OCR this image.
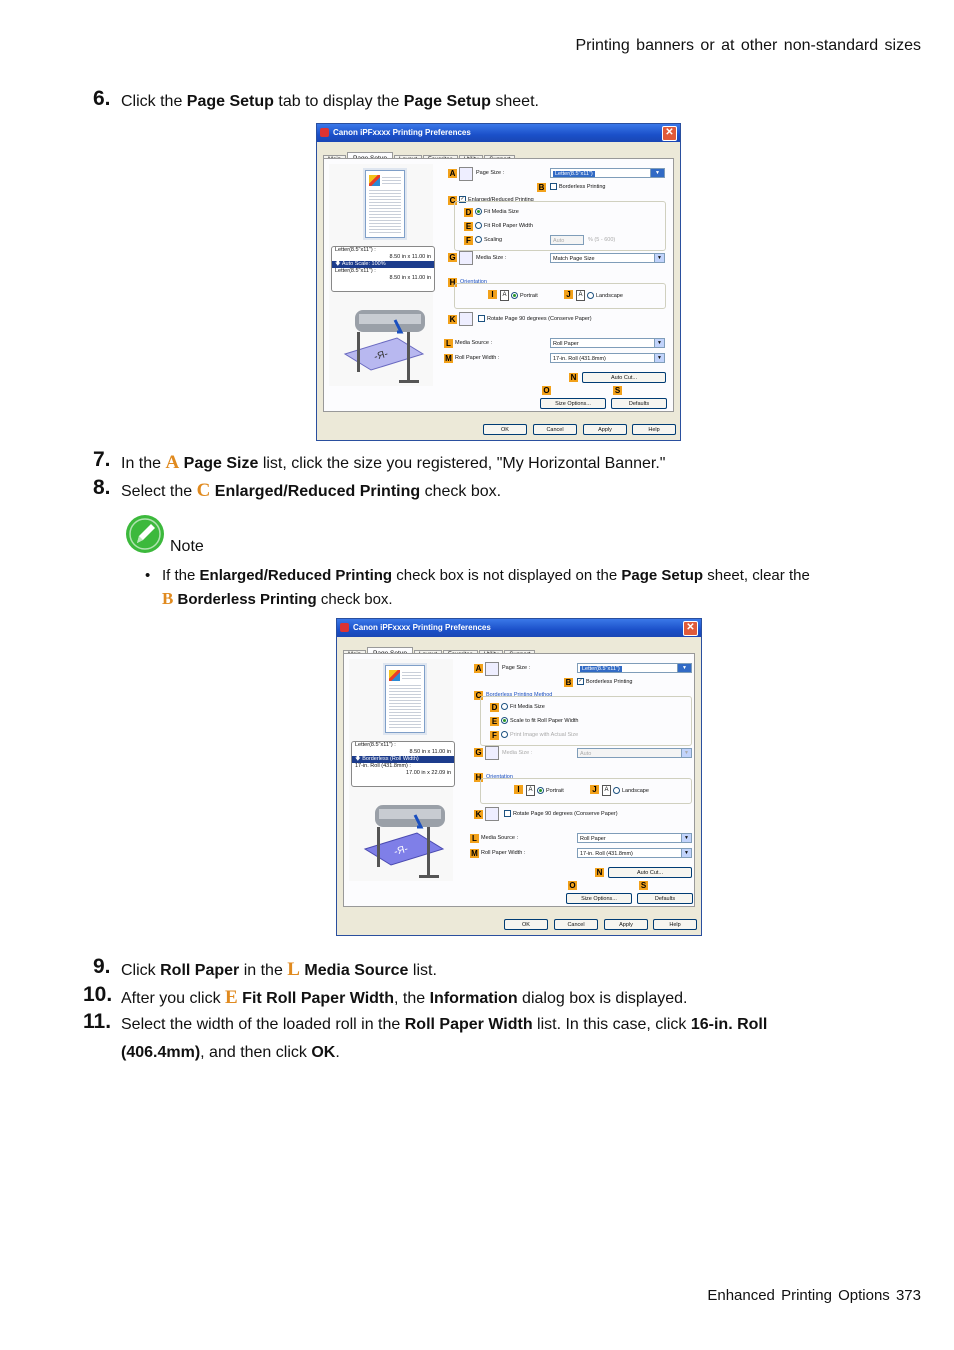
Printing banners or at other non-standard sizes
6. Click the Page Setup tab to display the Page Setup sheet.
Canon iPFxxxx Printing Preferences	✕
Letter(8.5"x11") :
8.50 in x 11.00 in
🡇 Auto Scale: 100%
Letter(8.5"x11") :
8.50 in x 11.00 in
-Я-
A	Page Size :	Letter(8.5"x11")	▼
B	Borderless Printing
C	✓ Enlarged/Reduced Printing
D	Fit Media Size
E	Fit Roll Paper Width
F	Scaling	Auto	% (5 - 600)
G	Media Size :	Match Page Size	▼
H Orientation
I	A Portrait	J	A Landscape
K	Rotate Page 90 degrees (Conserve Paper)
L Media Source :	Roll Paper	▼
M Roll Paper Width :	17-in. Roll (431.8mm)	▼
N	Auto Cut...
O	S
Size Options...	Defaults
OK	Cancel	Apply	Help
7. In the A Page Size list, click the size you registered, "My Horizontal Banner."
8. Select the C Enlarged/Reduced Printing check box.
Note
• If the Enlarged/Reduced Printing check box is not displayed on the Page Setup sheet, clear the
B Borderless Printing check box.
Canon iPFxxxx Printing Preferences	✕
Letter(8.5"x11") :
8.50 in x 11.00 in
🡇 Borderless (Roll Width)
17-in. Roll (431.8mm) :
17.00 in x 22.09 in
-Я-
A	Page Size :	Letter(8.5"x11")	▼
B	✓ Borderless Printing
C Borderless Printing Method
D	Fit Media Size
E	Scale to fit Roll Paper Width
F	Print Image with Actual Size
G	Media Size :	Auto	▼
H Orientation
I	A Portrait	J	A Landscape
K	Rotate Page 90 degrees (Conserve Paper)
L Media Source :	Roll Paper	▼
M Roll Paper Width :	17-in. Roll (431.8mm)	▼
N	Auto Cut...
O	S
Size Options...	Defaults
OK	Cancel	Apply	Help
9. Click Roll Paper in the L Media Source list.
10. After you click E Fit Roll Paper Width, the Information dialog box is displayed.
11. Select the width of the loaded roll in the Roll Paper Width list. In this case, click 16-in. Roll
(406.4mm), and then click OK.
Enhanced Printing Options 373
